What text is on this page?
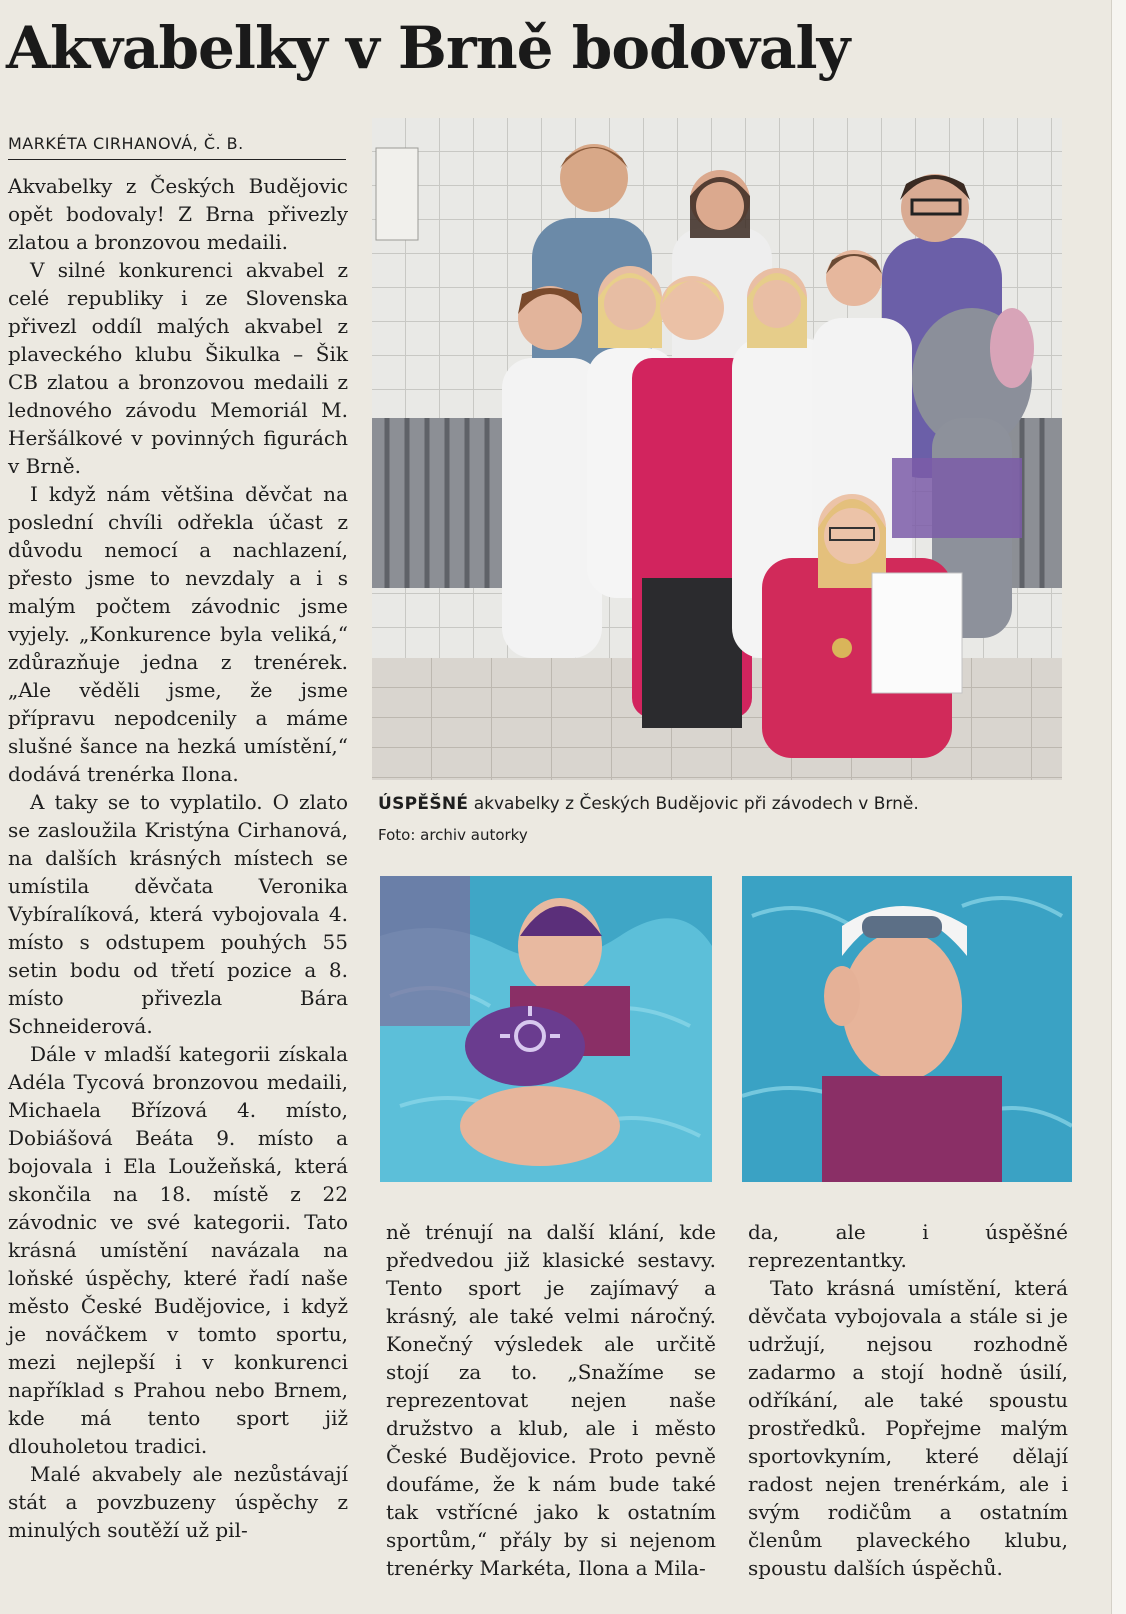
Akvabelky v Brně bodovaly
MARKÉTA CIRHANOVÁ, Č. B.

Akvabelky z Českých Budějovic opět bodovaly! Z Brna přivezly zlatou a bronzovou medaili.

V silné konkurenci akvabel z celé republiky i ze Slovenska přivezl oddíl malých akvabel z plaveckého klubu Šikulka – Šik CB zlatou a bronzovou medaili z lednového závodu Memoriál M. Heršálkové v povinných figurách v Brně.

I když nám většina děvčat na poslední chvíli odřekla účast z důvodu nemocí a nachlazení, přesto jsme to nevzdaly a i s malým počtem závodnic jsme vyjely. „Konkurence byla veliká,“ zdůrazňuje jedna z trenérek. „Ale věděli jsme, že jsme přípravu nepodcenily a máme slušné šance na hezká umístění,“ dodává trenérka Ilona.

A taky se to vyplatilo. O zlato se zasloužila Kristýna Cirhanová, na dalších krásných místech se umístila děvčata Veronika Vybíralíková, která vybojovala 4. místo s odstupem pouhých 55 setin bodu od třetí pozice a 8. místo přivezla Bára Schneiderová.

Dále v mladší kategorii získala Adéla Tycová bronzovou medaili, Michaela Břízová 4. místo, Dobiášová Beáta 9. místo a bojovala i Ela Loužeňská, která skončila na 18. místě z 22 závodnic ve své kategorii. Tato krásná umístění navázala na loňské úspěchy, které řadí naše město České Budějovice, i když je nováčkem v tomto sportu, mezi nejlepší i v konkurenci například s Prahou nebo Brnem, kde má tento sport již dlouholetou tradici.

Malé akvabely ale nezůstávají stát a povzbuzeny úspěchy z minulých soutěží už pil-

ÚSPĚŠNÉ akvabelky z Českých Budějovic při závodech v Brně.
Foto: archiv autorky

ně trénují na další klání, kde předvedou již klasické sestavy. Tento sport je zajímavý a krásný, ale také velmi náročný. Konečný výsledek ale určitě stojí za to. „Snažíme se reprezentovat nejen naše družstvo a klub, ale i město České Budějovice. Proto pevně doufáme, že k nám bude také tak vstřícné jako k ostatním sportům,“ přály by si nejenom trenérky Markéta, Ilona a Mila-

da, ale i úspěšné reprezentantky.

Tato krásná umístění, která děvčata vybojovala a stále si je udržují, nejsou rozhodně zadarmo a stojí hodně úsilí, odříkání, ale také spoustu prostředků. Popřejme malým sportovkyním, které dělají radost nejen trenérkám, ale i svým rodičům a ostatním členům plaveckého klubu, spoustu dalších úspěchů.
